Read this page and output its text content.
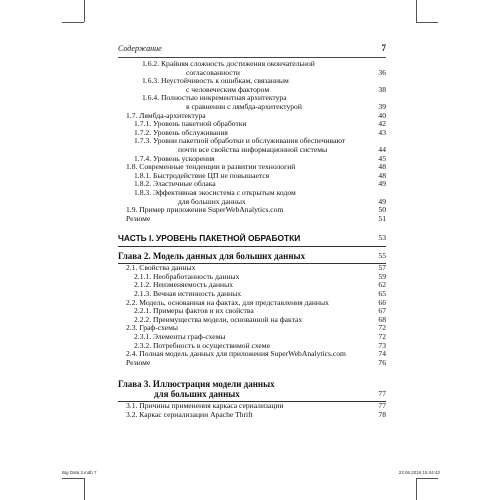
Содержание	7
1.6.2. Крайняя сложность достижения окончательной
согласованности	36
1.6.3. Неустойчивость к ошибкам, связанным
с человеческим фактором	38
1.6.4. Полностью инкрементная архитектура
в сравнении с лямбда-архитектурой	39
1.7. Лямбда-архитектура	40
1.7.1. Уровень пакетной обработки	42
1.7.2. Уровень обслуживания	43
1.7.3. Уровни пакетной обработки и обслуживания обеспечивают
почти все свойства информационной системы	44
1.7.4. Уровень ускорения	45
1.8. Современные тенденции в развитии технологий	48
1.8.1. Быстродействие ЦП не повышается	48
1.8.2. Эластичные облака	49
1.8.3. Эффективная экосистема с открытым кодом
для больших данных	49
1.9. Пример приложения SuperWebAnalytics.com	50
Резюме	51
ЧАСТЬ I. УРОВЕНЬ ПАКЕТНОЙ ОБРАБОТКИ	53
Глава 2. Модель данных для больших данных	55
2.1. Свойства данных	57
2.1.1. Необработанность данных	59
2.1.2. Неизменяемость данных	62
2.1.3. Вечная истинность данных	65
2.2. Модель, основанная на фактах, для представления данных	66
2.2.1. Примеры фактов и их свойства	67
2.2.2. Преимущества модели, основанной на фактах	68
2.3. Граф-схемы	72
2.3.1. Элементы граф-схемы	72
2.3.2. Потребность в осуществимой схеме	73
2.4. Полная модель данных для приложения SuperWebAnalytics.com	74
Резюме	76
Глава 3. Иллюстрация модели данных
для больших данных	77
3.1. Причины применения каркаса сериализации	77
3.2. Каркас сериализации Apache Thrift	78
Big Data 2.indb 7	23.06.2016 15:44:42
